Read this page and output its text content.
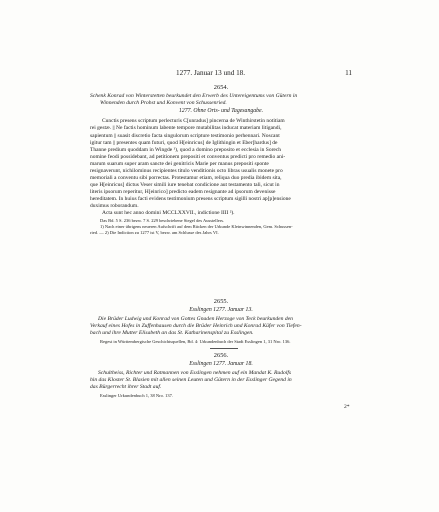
1277. Januar 13 und 18.	11
2654.
Schenk Konrad von Winterstetten beurkundet den Erwerb des Untereigentums von Gütern in
Winnenden durch Probst und Konvent von Schussenried.
1277. Ohne Orts- und Tagesangabe.
Cunctis presens scriptum perlecturis C[unradus] pincerna de Winthirstetin notitiam
rei gestæ. || Ne factis hominum labente tempore mutabilitas inducat materiam litigandi,
sapientum || suasit discretio facta singulorum scripture testimonio perhennari. Noscant
igitur tam || presentes quam futuri, quod H[einricus] de Iglithingin et Eber[hardus] de
Thanne predium quoddam in Wingde ¹), quod a domino preposito et ecclesia in Sorech
nomine feodi possidebant, ad petitionem prepositi et conventus predicti pro remedio ani-
marum suarum super aram sancte dei genitricis Marie per manus prepositi sponte
resignaverunt, nichilominus recipientes titulo venditionis octo libras usualis monete pro
memoriali a conventu sibi porrectas. Protestamur etiam, reliqua duo predia ibidem sita,
que H[einricus] dictus Veser simili iure tenebat condicione aut testamento tali, sicut in
literis ipsorum reperitur, H[einrico] predicto eadem resignante ad ipsorum devenisse
hereditatem. In huius facti evidens testimonium presens scriptum sigilli nostri ap[p]ensione
duximus roborandum.
Acta sunt hec anno domini MCCLXXVII., indictione IIII ²).
Das Bd. 5 S. 236 bezw. 7 S. 229 beschriebene Siegel des Ausstellers.
1) Nach einer übrigens neueren Aufschrift auf dem Rücken der Urkunde Kleinwinnenden, Gem. Schussen-
ried. — 2) Die Indiction zu 1277 ist V, bezw. am Schlusse des Jahrs VI.
2655.
Esslingen 1277. Januar 13.
Die Brüder Ludwig und Konrad von Gottes Gnaden Herzoge von Teck beurkunden den
Verkauf eines Hofes in Zuffenhausen durch die Brüder Heinrich und Konrad Küfer von Tiefen-
bach und ihre Mutter Elisabeth an das St. Katharinenspital zu Esslingen.
Regest in Württembergische Geschichtsquellen, Bd. 4: Urkundenbuch der Stadt Esslingen 1, 31 Nro. 136.
2656.
Esslingen 1277. Januar 18.
Schultheiss, Richter und Ratmannen von Esslingen nehmen auf ein Mandat K. Rudolfs
hin das Kloster St. Blasien mit allen seinen Leuten und Gütern in der Esslinger Gegend in
das Bürgerrecht ihrer Stadt auf.
Esslinger Urkundenbuch 1, 38 Nro. 137.
2*
